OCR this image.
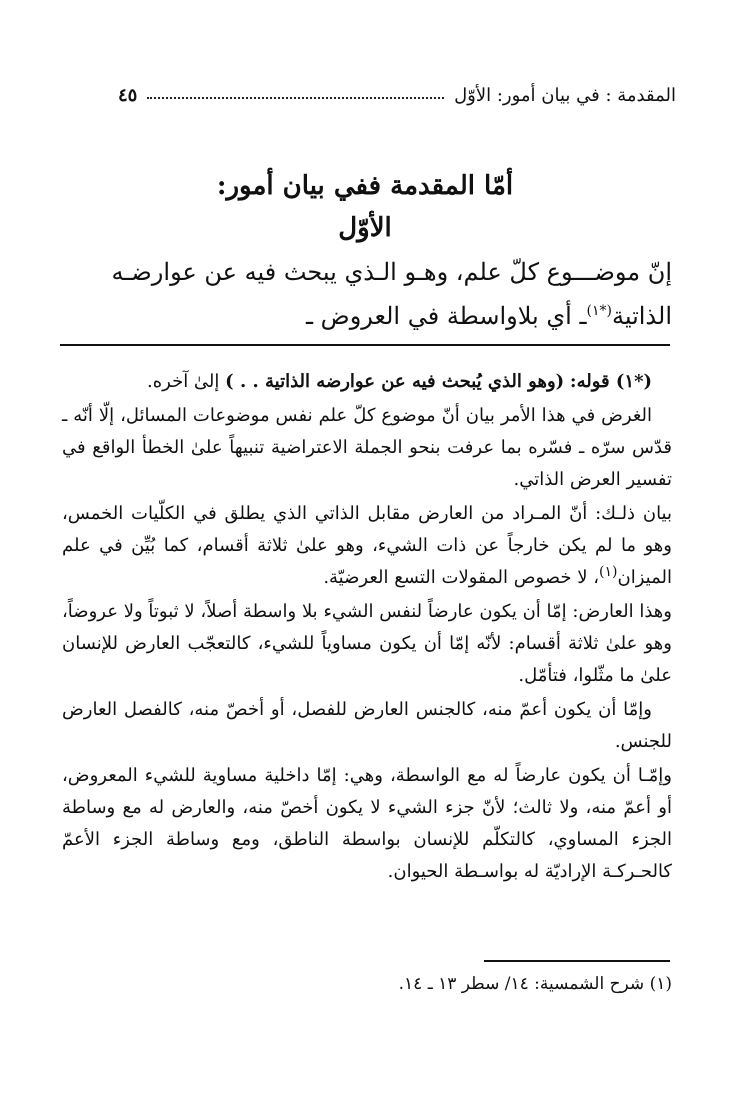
المقدمة : في بيان أمور: الأوّل
٤٥
أمّا المقدمة ففي بيان أمور:
الأوّل

إنّ موضـــوع كلّ علم، وهـو الـذي يبحث فيه عن عوارضـه

الذاتية$^{(*١)}$ـ أي بلاواسطة في العروض ـ

(*١) قوله: (وهو الذي يُبحث فيه عن عوارضه الذاتية . . ) إلىٰ آخره.

الغرض في هذا الأمر بيان أنّ موضوع كلّ علم نفس موضوعات المسائل، إلّا أنّه ـ قدّس سرّه ـ فسّره بما عرفت بنحو الجملة الاعتراضية تنبيهاً علىٰ الخطأ الواقع في تفسير العرض الذاتي.

بيان ذلـك: أنّ المـراد من العارض مقابل الذاتي الذي يطلق في الكلّيات الخمس، وهو ما لم يكن خارجاً عن ذات الشيء، وهو علىٰ ثلاثة أقسام، كما بُيِّن في علم الميزان$^{(١)}$، لا خصوص المقولات التسع العرضيّة.

وهذا العارض: إمّا أن يكون عارضاً لنفس الشيء بلا واسطة أصلاً، لا ثبوتاً ولا عروضاً، وهو علىٰ ثلاثة أقسام: لأنّه إمّا أن يكون مساوياً للشيء، كالتعجّب العارض للإنسان علىٰ ما مثّلوا، فتأمّل.

وإمّا أن يكون أعمّ منه، كالجنس العارض للفصل، أو أخصّ منه، كالفصل العارض للجنس.

وإمّـا أن يكون عارضاً له مع الواسطة، وهي: إمّا داخلية مساوية للشيء المعروض، أو أعمّ منه، ولا ثالث؛ لأنّ جزء الشيء لا يكون أخصّ منه، والعارض له مع وساطة الجزء المساوي، كالتكلّم للإنسان بواسطة الناطق، ومع وساطة الجزء الأعمّ كالحـركـة الإراديّة له بواسـطة الحيوان.

(١) شرح الشمسية: ١٤/ سطر ١٣ ـ ١٤.
